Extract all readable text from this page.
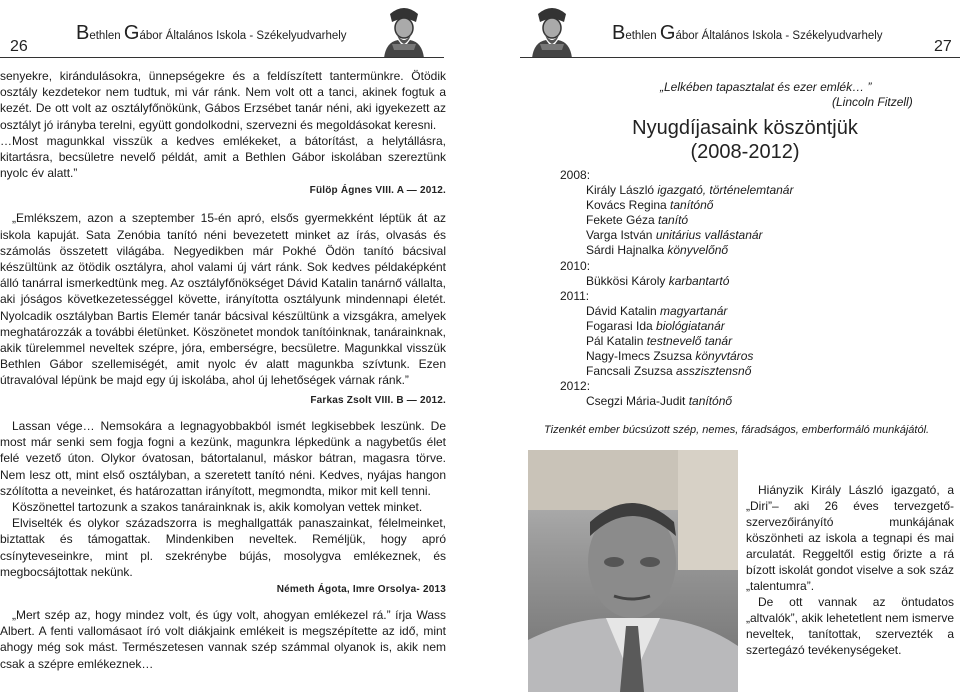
26
Bethlen Gábor Általános Iskola - Székelyudvarhely

senyekre, kirándulásokra, ünnepségekre és a feldíszített tantermünkre. Ötödik osztály kezdetekor nem tudtuk, mi vár ránk. Nem volt ott a tanci, akinek fogtuk a kezét. De ott volt az osztályfőnökünk, Gábos Erzsébet tanár néni, aki igyekezett az osztályt jó irányba terelni, együtt gondolkodni, szervezni és megoldásokat keresni.

…Most magunkkal visszük a kedves emlékeket, a bátorítást, a helytállásra, kitartásra, becsületre nevelő példát, amit a Bethlen Gábor iskolában szereztünk nyolc év alatt.”

Fülöp Ágnes VIII. A — 2012.

„Emlékszem, azon a szeptember 15-én apró, elsős gyermekként léptük át az iskola kapuját. Sata Zenóbia tanító néni bevezetett minket az írás, olvasás és számolás összetett világába. Negyedikben már Pokhé Ödön tanító bácsival készültünk az ötödik osztályra, ahol valami új várt ránk. Sok kedves példaképként álló tanárral ismerkedtünk meg. Az osztályfőnökséget Dávid Katalin tanárnő vállalta, aki jóságos következetességgel követte, irányította osztályunk mindennapi életét. Nyolcadik osztályban Bartis Elemér tanár bácsival készültünk a vizsgákra, amelyek meghatározzák a további életünket. Köszönetet mondok tanítóinknak, tanárainknak, akik türelemmel neveltek szépre, jóra, emberségre, becsületre. Magunkkal visszük Bethlen Gábor szellemiségét, amit nyolc év alatt magunkba szívtunk. Ezen útravalóval lépünk be majd egy új iskolába, ahol új lehetőségek várnak ránk.”

Farkas Zsolt VIII. B — 2012.

Lassan vége… Nemsokára a legnagyobbakból ismét legkisebbek leszünk. De most már senki sem fogja fogni a kezünk, magunkra lépkedünk a nagybetűs élet felé vezető úton. Olykor óvatosan, bátortalanul, máskor bátran, magasra törve. Nem lesz ott, mint első osztályban, a szeretett tanító néni. Kedves, nyájas hangon szólította a neveinket, és határozattan irányított, megmondta, mikor mit kell tenni.

Köszönettel tartozunk a szakos tanárainknak is, akik komolyan vettek minket.

Elviselték és olykor századszorra is meghallgatták panaszainkat, félelmeinket, biztattak és támogattak. Mindenkiben neveltek. Reméljük, hogy apró csínyteveseinkre, mint pl. szekrénybe bújás, mosolygva emlékeznek, és megbocsájtottak nekünk.

Németh Ágota, Imre Orsolya- 2013

„Mert szép az, hogy mindez volt, és úgy volt, ahogyan emlékezel rá.” írja Wass Albert. A fenti vallomásaot író volt diákjaink emlékeit is megszépítette az idő, mint ahogy még sok mást. Természetesen vannak szép számmal olyanok is, akik nem csak a szépre emlékeznek…

Bethlen Gábor Általános Iskola - Székelyudvarhely
27
„Lelkében tapasztalat és ezer emlék… ”
(Lincoln Fitzell)
Nyugdíjasaink köszöntjük
(2008-2012)
2008:
Király László igazgató, történelemtanár
Kovács Regina tanítónő
Fekete Géza tanító
Varga István unitárius vallástanár
Sárdi Hajnalka könyvelőnő
2010:
Bükkösi Károly karbantartó
2011:
Dávid Katalin magyartanár
Fogarasi Ida biológiatanár
Pál Katalin testnevelő tanár
Nagy-Imecs Zsuzsa könyvtáros
Fancsali Zsuzsa asszisztensnő
2012:
Csegzi Mária-Judit tanítónő
Tizenkét ember búcsúzott szép, nemes, fáradságos, emberformáló munkájától.

Hiányzik Király László igazgató, a „Diri”– aki 26 éves tervezgető-szervezőirányító munkájának köszönheti az iskola a tegnapi és mai arculatát. Reggeltől estig őrizte a rá bízott iskolát gondot viselve a sok száz „talentumra”.

De ott vannak az öntudatos „altvalók”, akik lehetetlent nem ismerve neveltek, tanítottak, szervezték a szertegázó tevékenységeket.
